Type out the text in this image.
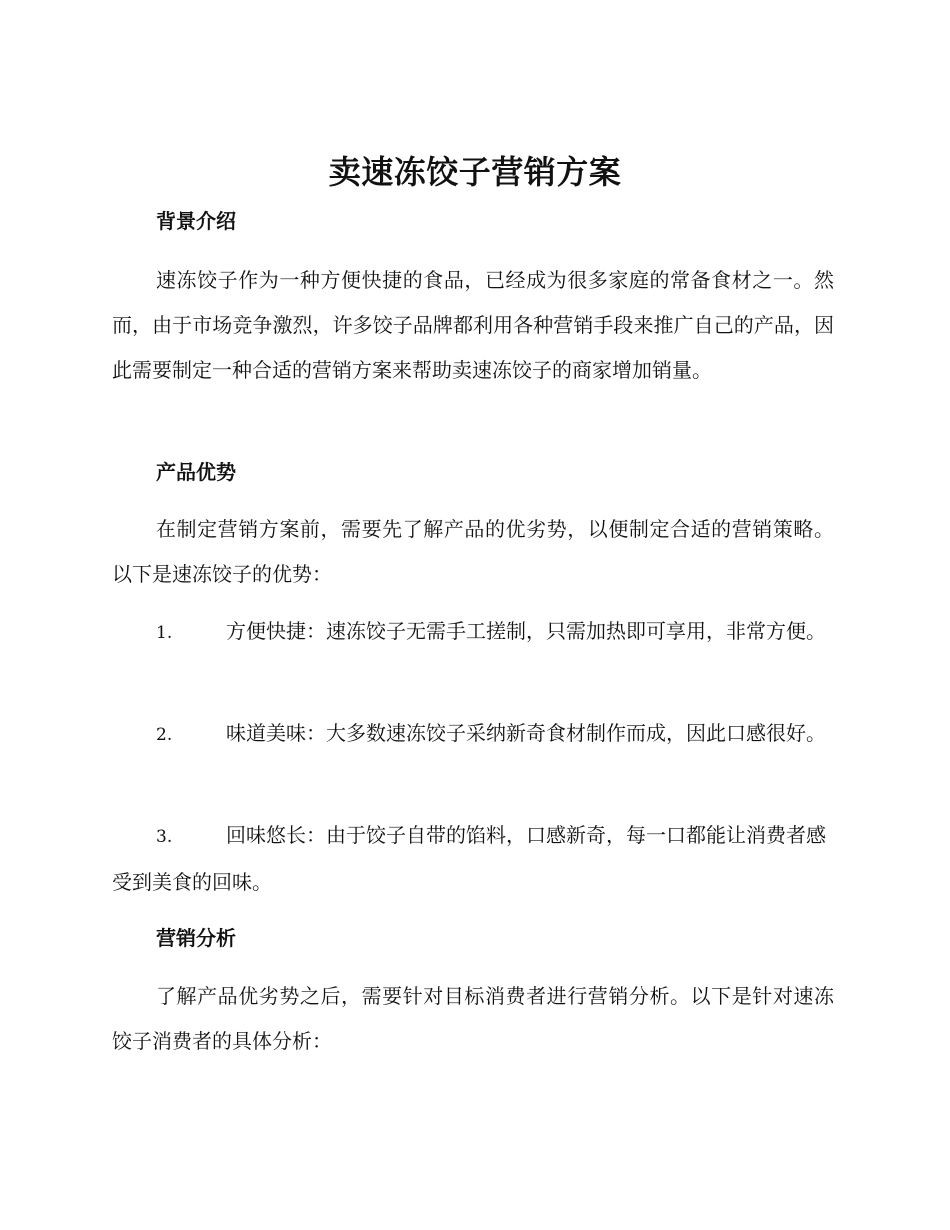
卖速冻饺子营销方案
背景介绍
速冻饺子作为一种方便快捷的食品，已经成为很多家庭的常备食材之一。然而，由于市场竞争激烈，许多饺子品牌都利用各种营销手段来推广自己的产品，因此需要制定一种合适的营销方案来帮助卖速冻饺子的商家增加销量。
产品优势
在制定营销方案前，需要先了解产品的优劣势，以便制定合适的营销策略。以下是速冻饺子的优势：
1.	方便快捷：速冻饺子无需手工搓制，只需加热即可享用，非常方便。
2.	味道美味：大多数速冻饺子采纳新奇食材制作而成，因此口感很好。
3.	回味悠长：由于饺子自带的馅料，口感新奇，每一口都能让消费者感受到美食的回味。
营销分析
了解产品优劣势之后，需要针对目标消费者进行营销分析。以下是针对速冻饺子消费者的具体分析：
